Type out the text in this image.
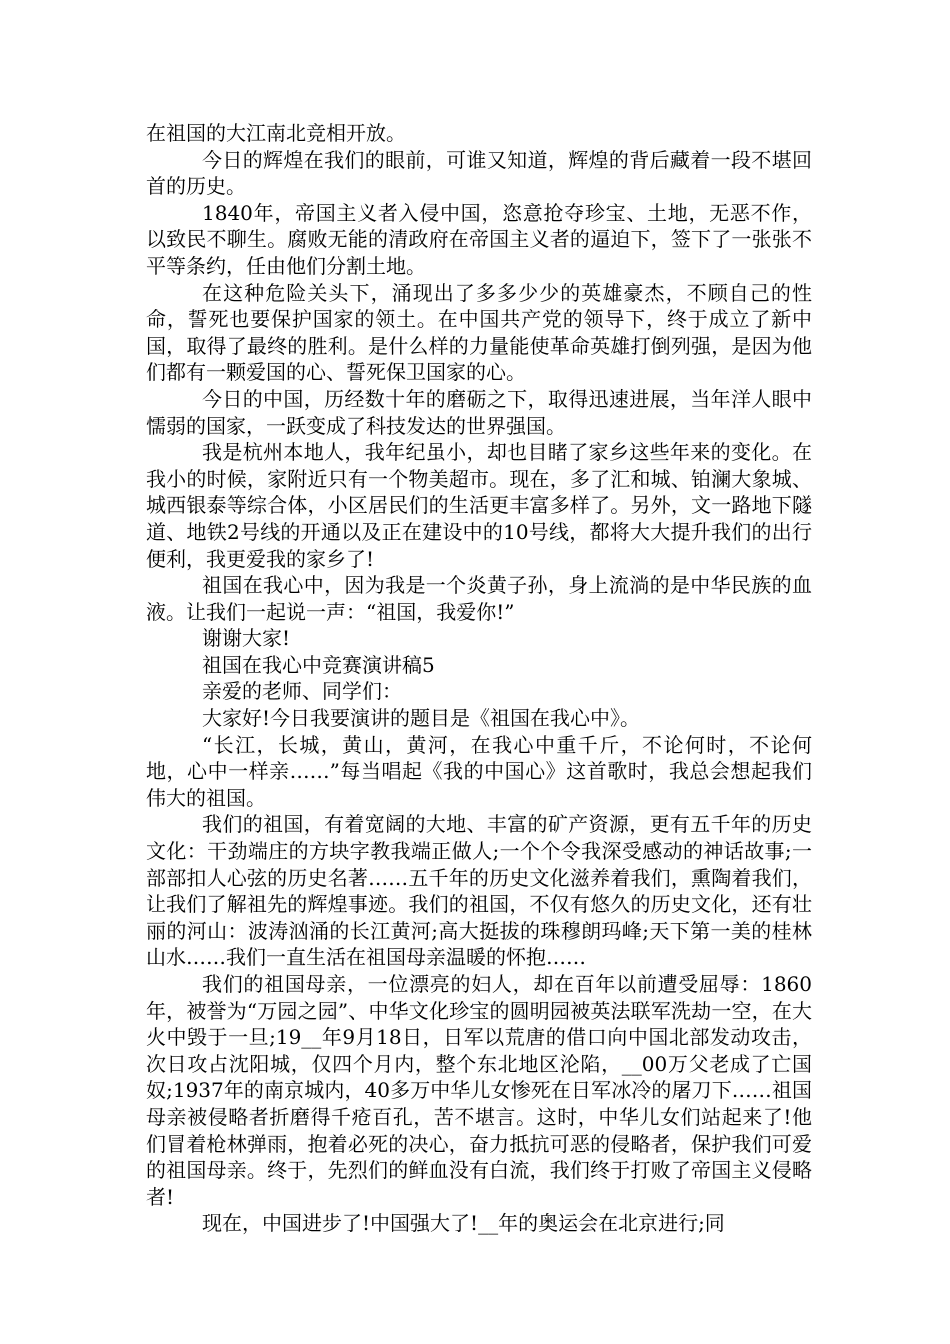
在祖国的大江南北竞相开放。

今日的辉煌在我们的眼前，可谁又知道，辉煌的背后藏着一段不堪回首的历史。

1840年，帝国主义者入侵中国，恣意抢夺珍宝、土地，无恶不作，以致民不聊生。腐败无能的清政府在帝国主义者的逼迫下，签下了一张张不平等条约，任由他们分割土地。

在这种危险关头下，涌现出了多多少少的英雄豪杰，不顾自己的性命，誓死也要保护国家的领土。在中国共产党的领导下，终于成立了新中国，取得了最终的胜利。是什么样的力量能使革命英雄打倒列强，是因为他们都有一颗爱国的心、誓死保卫国家的心。

今日的中国，历经数十年的磨砺之下，取得迅速进展，当年洋人眼中懦弱的国家，一跃变成了科技发达的世界强国。

我是杭州本地人，我年纪虽小，却也目睹了家乡这些年来的变化。在我小的时候，家附近只有一个物美超市。现在，多了汇和城、铂澜大象城、城西银泰等综合体，小区居民们的生活更丰富多样了。另外，文一路地下隧道、地铁2号线的开通以及正在建设中的10号线，都将大大提升我们的出行便利，我更爱我的家乡了!

祖国在我心中，因为我是一个炎黄子孙，身上流淌的是中华民族的血液。让我们一起说一声：“祖国，我爱你!”

谢谢大家!

祖国在我心中竞赛演讲稿5

亲爱的老师、同学们：

大家好!今日我要演讲的题目是《祖国在我心中》。

“长江，长城，黄山，黄河，在我心中重千斤，不论何时，不论何地，心中一样亲……”每当唱起《我的中国心》这首歌时，我总会想起我们伟大的祖国。

我们的祖国，有着宽阔的大地、丰富的矿产资源，更有五千年的历史文化：干劲端庄的方块字教我端正做人;一个个令我深受感动的神话故事;一部部扣人心弦的历史名著……五千年的历史文化滋养着我们，熏陶着我们，让我们了解祖先的辉煌事迹。我们的祖国，不仅有悠久的历史文化，还有壮丽的河山：波涛汹涌的长江黄河;高大挺拔的珠穆朗玛峰;天下第一美的桂林山水……我们一直生活在祖国母亲温暖的怀抱……

我们的祖国母亲，一位漂亮的妇人，却在百年以前遭受屈辱：1860年，被誉为“万园之园”、中华文化珍宝的圆明园被英法联军洗劫一空，在大火中毁于一旦;19__年9月18日，日军以荒唐的借口向中国北部发动攻击，次日攻占沈阳城，仅四个月内，整个东北地区沦陷，__00万父老成了亡国奴;1937年的南京城内，40多万中华儿女惨死在日军冰冷的屠刀下……祖国母亲被侵略者折磨得千疮百孔，苦不堪言。这时，中华儿女们站起来了!他们冒着枪林弹雨，抱着必死的决心，奋力抵抗可恶的侵略者，保护我们可爱的祖国母亲。终于，先烈们的鲜血没有白流，我们终于打败了帝国主义侵略者!

现在，中国进步了!中国强大了!__年的奥运会在北京进行;同
